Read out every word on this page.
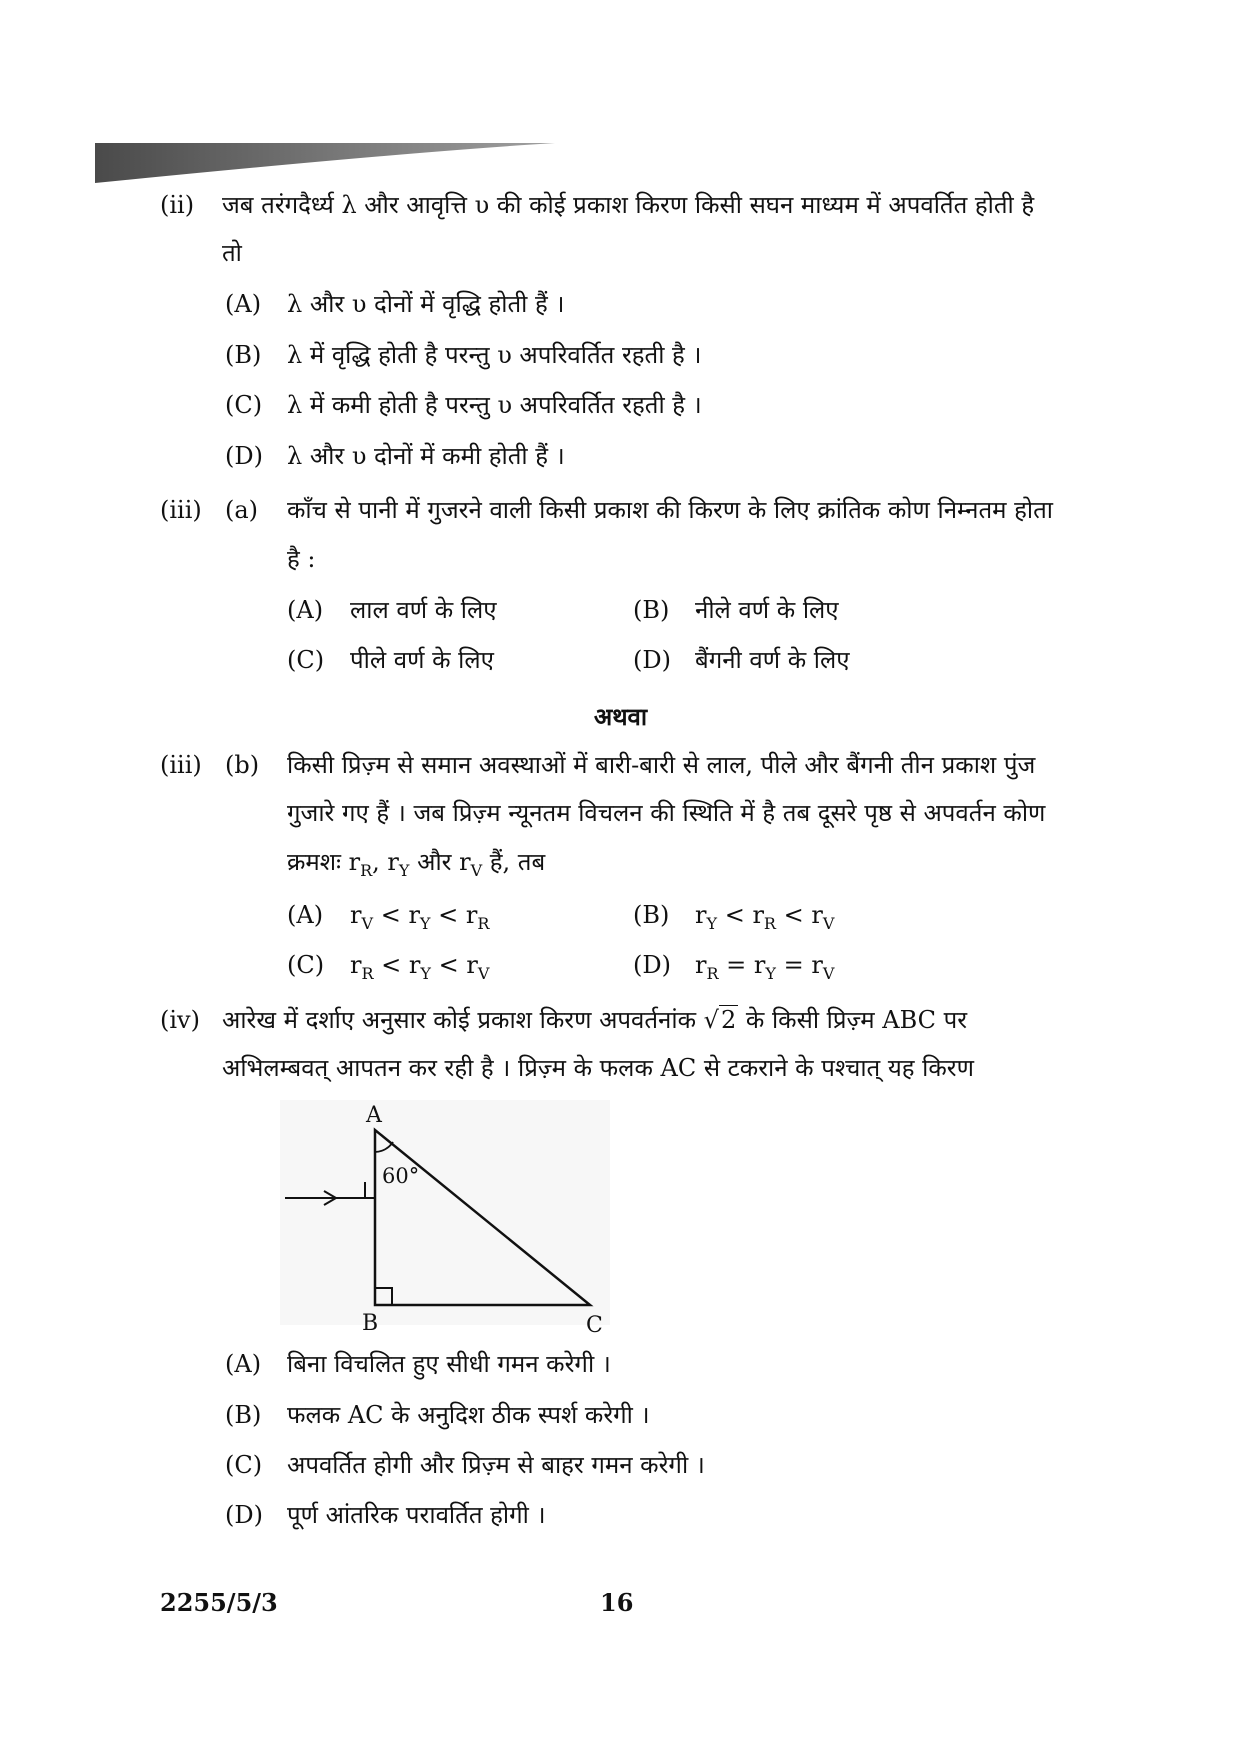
(ii) जब तरंगदैर्ध्य λ और आवृत्ति υ की कोई प्रकाश किरण किसी सघन माध्यम में अपवर्तित होती है
तो
(A) λ और υ दोनों में वृद्धि होती हैं ।
(B) λ में वृद्धि होती है परन्तु υ अपरिवर्तित रहती है ।
(C) λ में कमी होती है परन्तु υ अपरिवर्तित रहती है ।
(D) λ और υ दोनों में कमी होती हैं ।
(iii) (a) काँच से पानी में गुजरने वाली किसी प्रकाश की किरण के लिए क्रांतिक कोण निम्नतम होता
है :
(A) लाल वर्ण के लिए	(B) नीले वर्ण के लिए
(C) पीले वर्ण के लिए	(D) बैंगनी वर्ण के लिए
अथवा
(iii) (b) किसी प्रिज़्म से समान अवस्थाओं में बारी-बारी से लाल, पीले और बैंगनी तीन प्रकाश पुंज
गुजारे गए हैं । जब प्रिज़्म न्यूनतम विचलन की स्थिति में है तब दूसरे पृष्ठ से अपवर्तन कोण
क्रमशः $r_R$, $r_Y$ और $r_V$ हैं, तब
(A) $r_V < r_Y < r_R$	(B) $r_Y < r_R < r_V$
(C) $r_R < r_Y < r_V$	(D) $r_R = r_Y = r_V$
(iv) आरेख में दर्शाए अनुसार कोई प्रकाश किरण अपवर्तनांक √2 के किसी प्रिज़्म ABC पर
अभिलम्बवत् आपतन कर रही है । प्रिज़्म के फलक AC से टकराने के पश्चात् यह किरण
60°
A
B	C
(A) बिना विचलित हुए सीधी गमन करेगी ।
(B) फलक AC के अनुदिश ठीक स्पर्श करेगी ।
(C) अपवर्तित होगी और प्रिज़्म से बाहर गमन करेगी ।
(D) पूर्ण आंतरिक परावर्तित होगी ।
2255/5/3	16
